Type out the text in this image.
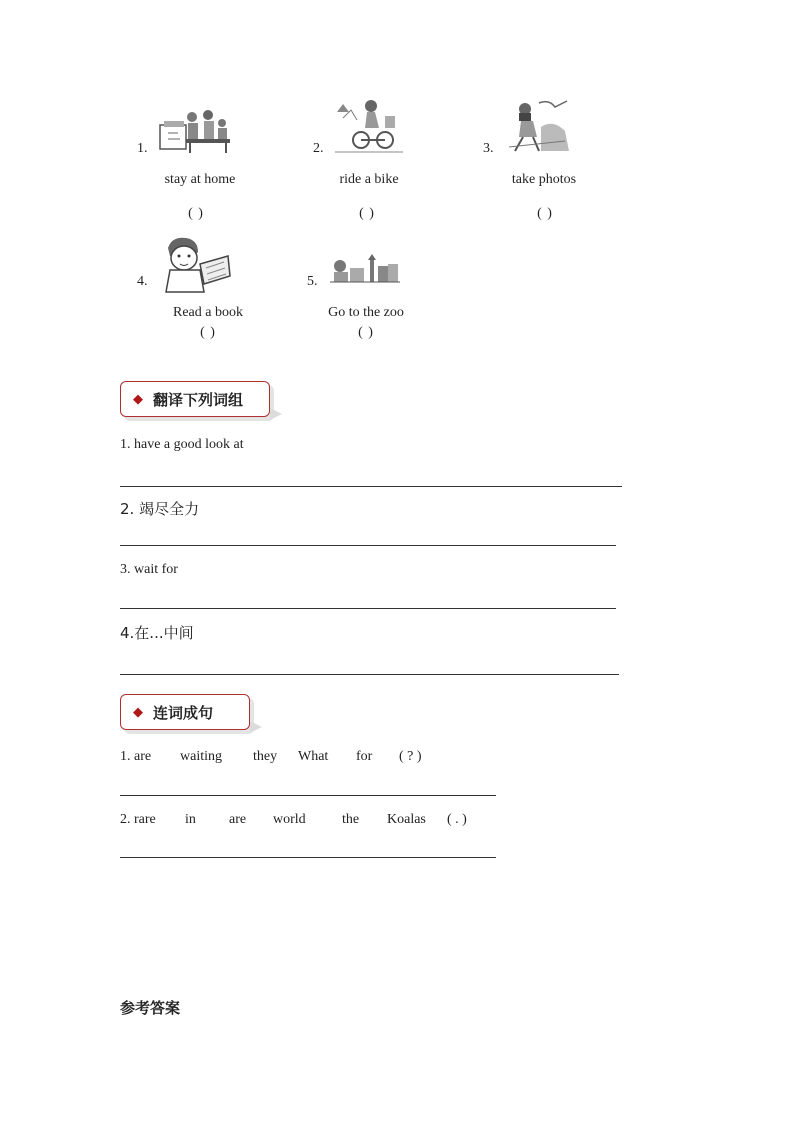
1.
stay at home
( )
2.
ride a bike
( )
3.
take photos
( )
4.
Read a book
( )
5.
Go to the zoo
( )
◆ 翻译下列词组
1. have a good look at
2. 竭尽全力
3. wait for
4.在...中间
◆ 连词成句
1. are waiting they What for ( ? )
2. rare in are world	the Koalas ( . )
参考答案
